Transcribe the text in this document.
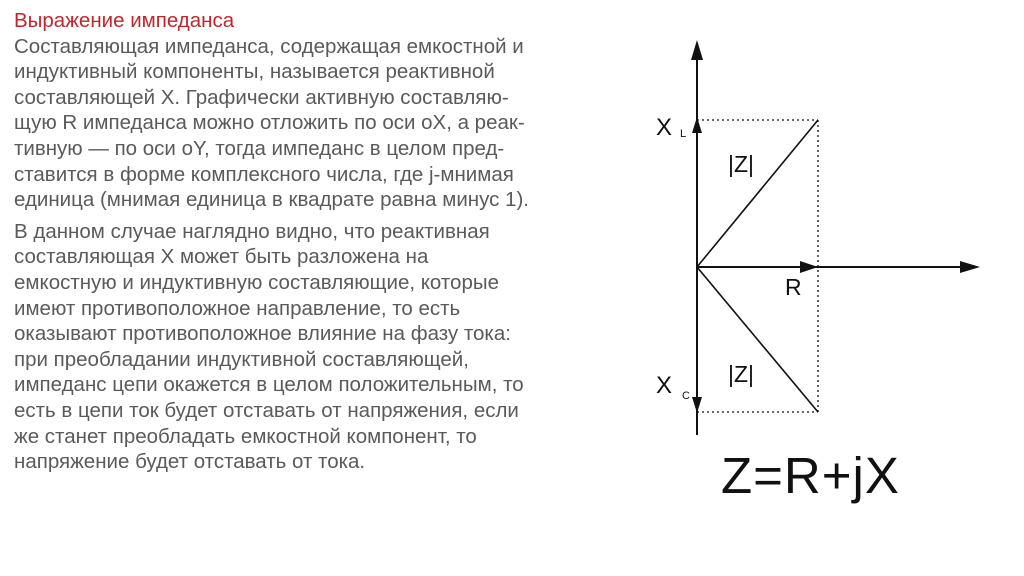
Выражение импеданса
Составляющая импеданса, содержащая емкостной и
индуктивный компоненты, называется реактивной
составляющей X. Графически активную составляю-
щую R импеданса можно отложить по оси oX, а реак-
тивную — по оси oY, тогда импеданс в целом пред-
ставится в форме комплексного числа, где j-мнимая
единица (мнимая единица в квадрате равна минус 1).
В данном случае наглядно видно, что реактивная
составляющая X может быть разложена на
емкостную и индуктивную составляющие, которые
имеют противоположное направление, то есть
оказывают противоположное влияние на фазу тока:
при преобладании индуктивной составляющей,
импеданс цепи окажется в целом положительным, то
есть в цепи ток будет отставать от напряжения, если
же станет преобладать емкостной компонент, то
напряжение будет отставать от тока.
X L
X C
|Z|
|Z|
R
Z=R+jX
